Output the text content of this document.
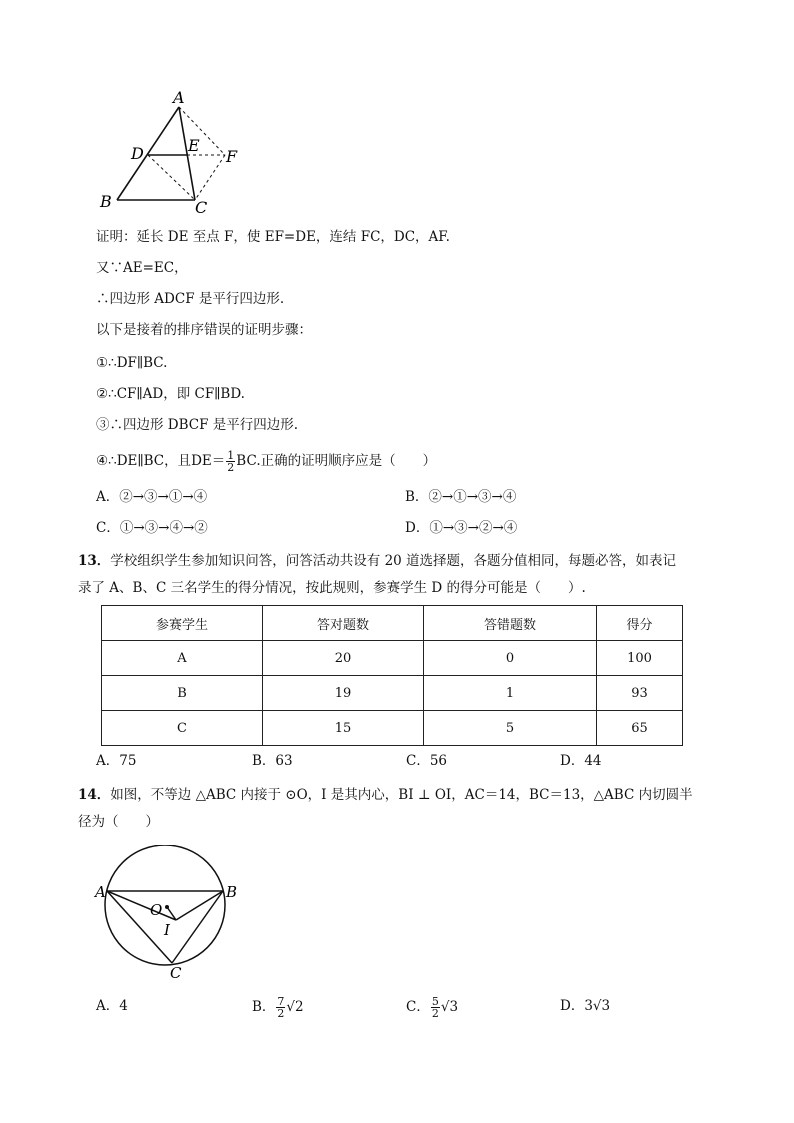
A
D	E
F
B	C
证明：延长 DE 至点 F，使 EF=DE，连结 FC，DC，AF.
又∵AE=EC，
∴四边形 ADCF 是平行四边形.
以下是接着的排序错误的证明步骤：
①∴DF∥BC.
②∴CF∥AD，即 CF∥BD.
③∴四边形 DBCF 是平行四边形.
④∴DE∥BC，且$DE= \frac{1}{2}$ BC.正确的证明顺序应是（　　）
A．②→③→①→④	B．②→①→③→④
C．①→③→④→②	D．①→③→②→④
13．学校组织学生参加知识问答，问答活动共设有 20 道选择题，各题分值相同，每题必答，如表记
录了 A、B、C 三名学生的得分情况，按此规则，参赛学生 D 的得分可能是（　　）.
参赛学生	答对题数	答错题数	得分
A	20	0	100
B	19	1	93
C	15	5	65
A．75	B．63	C．56	D．44
14．如图，不等边 △ABC 内接于 ⊙O，I 是其内心，BI ⊥ OI，AC＝14，BC＝13，△ABC 内切圆半
径为（　　）
A	B
O
I
C
A．4	B． $\frac{7}{2} √2$	C． $\frac{5}{2} √3$	D．3√3
